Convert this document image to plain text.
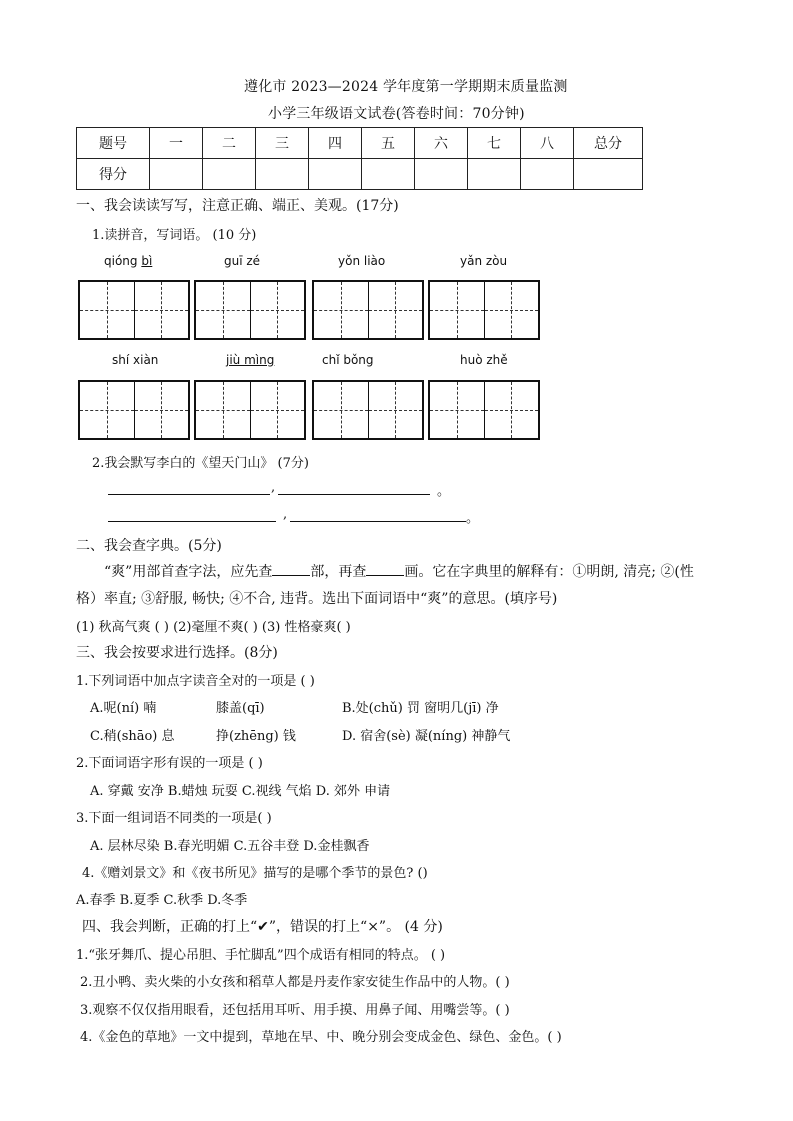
遵化市 2023—2024 学年度第一学期期末质量监测
小学三年级语文试卷(答卷时间：70分钟)
题号	一	二	三	四	五	六	七	八	总分
得分									
一、我会读读写写，注意正确、端正、美观。(17分)
1.读拼音，写词语。 (10 分)
qióng bì	guī zé	yǒn liào	yǎn zòu
shí xiàn	jiù mìng	chǐ bǒng	huò zhě
2.我会默写李白的《望天门山》 (7分)
,	。
,	。
二、我会查字典。(5分)
“爽”用部首查字法，应先查	部，再查	画。它在字典里的解释有：①明朗, 清亮; ②(性
格）率直; ③舒服, 畅快; ④不合, 违背。选出下面词语中“爽”的意思。(填序号)
(1) 秋高气爽 ( ) (2)毫厘不爽( ) (3) 性格豪爽( )
三、我会按要求进行选择。(8分)
1.下列词语中加点字读音全对的一项是 ( )
A.呢(ní) 喃	膝盖(qī)	B.处(chǔ) 罚 窗明几(jī) 净
C.稍(shāo) 息	挣(zhēng) 钱	D. 宿舍(sè) 凝(níng) 神静气
2.下面词语字形有误的一项是 ( )
A. 穿戴 安净 B.蜡烛 玩耍 C.视线 气焰 D. 郊外 申请
3.下面一组词语不同类的一项是( )
A. 层林尽染 B.春光明媚 C.五谷丰登 D.金桂飘香
4.《赠刘景文》和《夜书所见》描写的是哪个季节的景色? ()
A.春季 B.夏季 C.秋季 D.冬季
四、我会判断，正确的打上“✔”，错误的打上“×”。 (4 分)
1.“张牙舞爪、提心吊胆、手忙脚乱”四个成语有相同的特点。 ( )
2.丑小鸭、卖火柴的小女孩和稻草人都是丹麦作家安徒生作品中的人物。( )
3.观察不仅仅指用眼看，还包括用耳听、用手摸、用鼻子闻、用嘴尝等。( )
4.《金色的草地》一文中提到，草地在早、中、晚分别会变成金色、绿色、金色。( )
